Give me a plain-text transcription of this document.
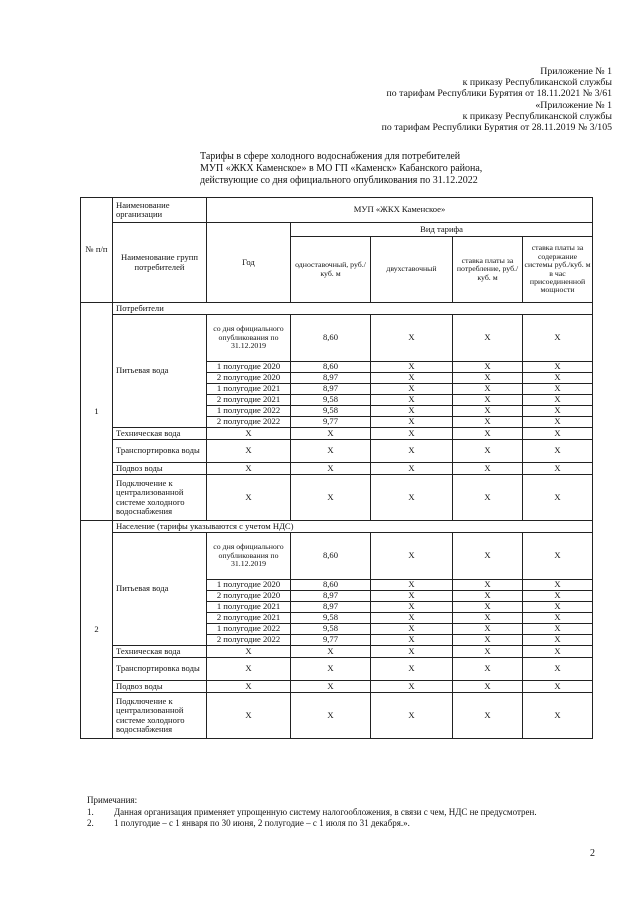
Приложение № 1
к приказу Республиканской службы
по тарифам Республики Бурятия от 18.11.2021 № 3/61
«Приложение № 1
к приказу Республиканской службы
по тарифам Республики Бурятия от 28.11.2019 № 3/105
Тарифы в сфере холодного водоснабжения для потребителей
МУП «ЖКХ Каменское» в МО ГП «Каменск» Кабанского района,
действующие со дня официального опубликования по 31.12.2022
№ п/п	Наименование организации	МУП «ЖКХ Каменское»				
	Наименование групп потребителей	Год	Вид тарифа			
			одноставочный, руб./ куб. м	двухставочный	ставка платы за потребление, руб./ куб. м	ставка платы за содержание системы руб./куб. м в час присоединенной мощности
1	Потребители					
	Питьевая вода	со дня официального опубликования по 31.12.2019	8,60	X	X	X
		1 полугодие 2020	8,60	X	X	X
		2 полугодие 2020	8,97	X	X	X
		1 полугодие 2021	8,97	X	X	X
		2 полугодие 2021	9,58	X	X	X
		1 полугодие 2022	9,58	X	X	X
		2 полугодие 2022	9,77	X	X	X
	Техническая вода	X	X	X	X	X
	Транспортировка воды	X	X	X	X	X
	Подвоз воды	X	X	X	X	X
	Подключение к централизованной системе холодного водоснабжения	X	X	X	X	X
2	Население (тарифы указываются с учетом НДС)					
	Питьевая вода	со дня официального опубликования по 31.12.2019	8,60	X	X	X
		1 полугодие 2020	8,60	X	X	X
		2 полугодие 2020	8,97	X	X	X
		1 полугодие 2021	8,97	X	X	X
		2 полугодие 2021	9,58	X	X	X
		1 полугодие 2022	9,58	X	X	X
		2 полугодие 2022	9,77	X	X	X
	Техническая вода	X	X	X	X	X
	Транспортировка воды	X	X	X	X	X
	Подвоз воды	X	X	X	X	X
	Подключение к централизованной системе холодного водоснабжения	X	X	X	X	X
Примечания:
1. Данная организация применяет упрощенную систему налогообложения, в связи с чем, НДС не предусмотрен.
2. 1 полугодие – с 1 января по 30 июня, 2 полугодие – с 1 июля по 31 декабря.».
2
